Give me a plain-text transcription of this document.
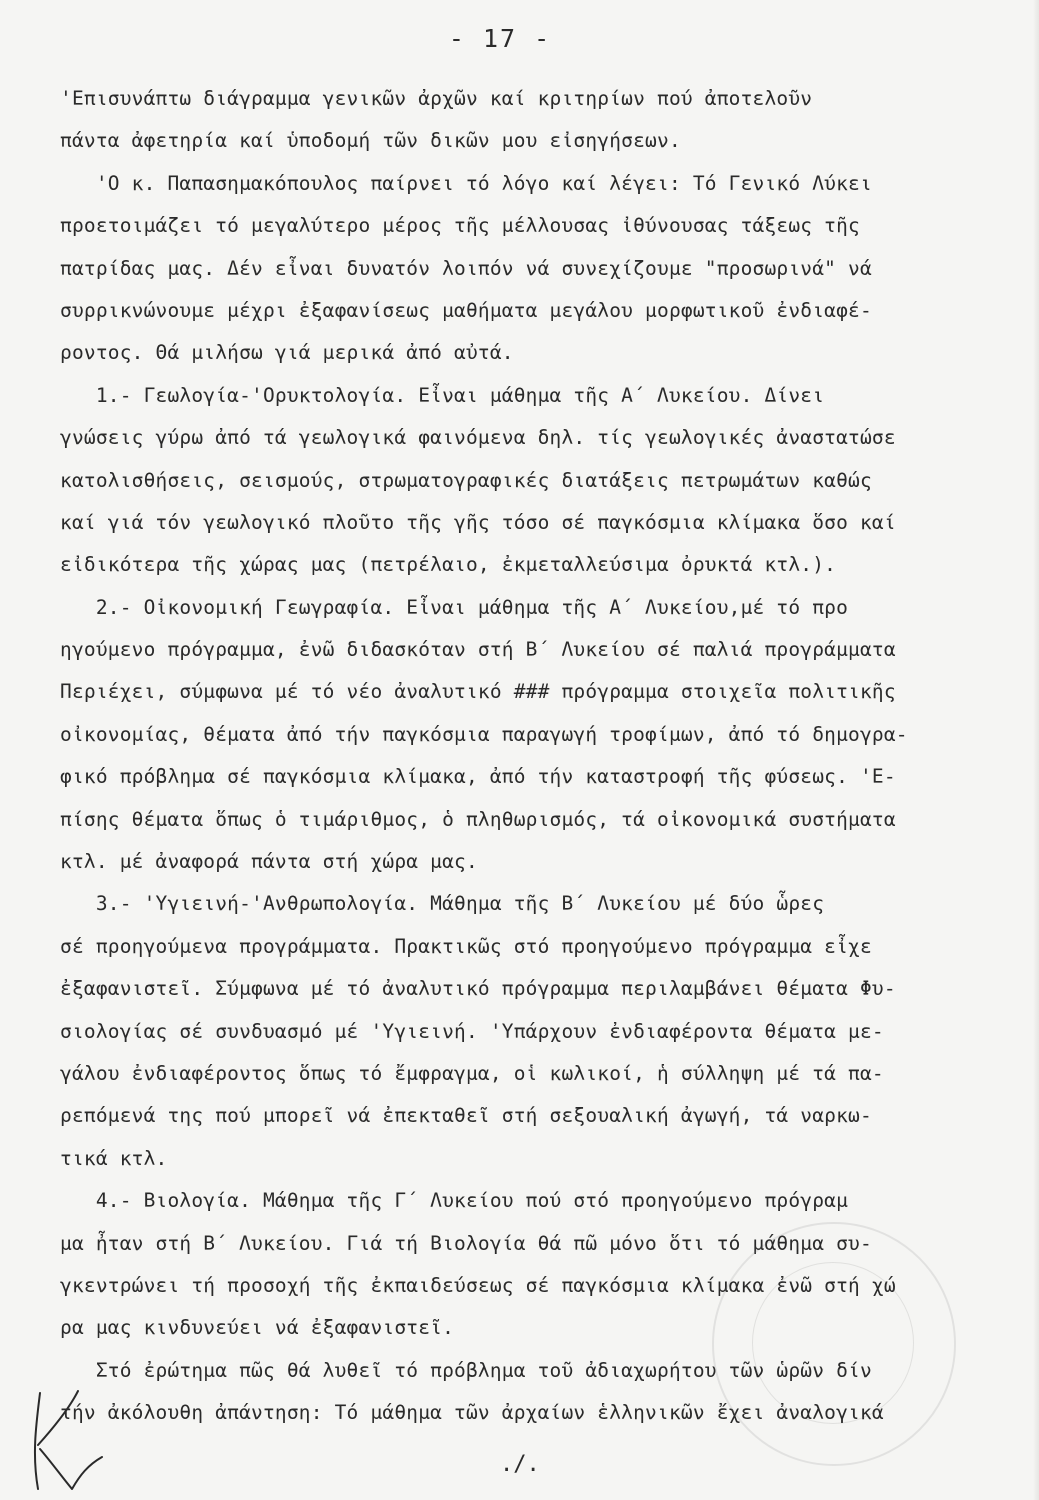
- 17 -
'Επισυνάπτω διάγραμμα γενικῶν ἀρχῶν καί κριτηρίων πού ἀποτελοῦν
πάντα ἀφετηρία καί ὑποδομή τῶν δικῶν μου εἰσηγήσεων.
'Ο κ. Παπασημακόπουλος παίρνει τό λόγο καί λέγει: Τό Γενικό Λύκει
προετοιμάζει τό μεγαλύτερο μέρος τῆς μέλλουσας ἰθύνουσας τάξεως τῆς
πατρίδας μας. Δέν εἶναι δυνατόν λοιπόν νά συνεχίζουμε "προσωρινά" νά
συρρικνώνουμε μέχρι ἐξαφανίσεως μαθήματα μεγάλου μορφωτικοῦ ἐνδιαφέ-
ροντος. Θά μιλήσω γιά μερικά ἀπό αὐτά.
1.- Γεωλογία-'Ορυκτολογία. Εἶναι μάθημα τῆς Α΄ Λυκείου. Δίνει
γνώσεις γύρω ἀπό τά γεωλογικά φαινόμενα δηλ. τίς γεωλογικές ἀναστατώσε
κατολισθήσεις, σεισμούς, στρωματογραφικές διατάξεις πετρωμάτων καθώς
καί γιά τόν γεωλογικό πλοῦτο τῆς γῆς τόσο σέ παγκόσμια κλίμακα ὅσο καί
εἰδικότερα τῆς χώρας μας (πετρέλαιο, ἐκμεταλλεύσιμα ὀρυκτά κτλ.).
2.- Οἰκονομική Γεωγραφία. Εἶναι μάθημα τῆς Α΄ Λυκείου,μέ τό προ
ηγούμενο πρόγραμμα, ἐνῶ διδασκόταν στή Β΄ Λυκείου σέ παλιά προγράμματα
Περιέχει, σύμφωνα μέ τό νέο ἀναλυτικό ### πρόγραμμα στοιχεῖα πολιτικῆς
οἰκονομίας, θέματα ἀπό τήν παγκόσμια παραγωγή τροφίμων, ἀπό τό δημογρα-
φικό πρόβλημα σέ παγκόσμια κλίμακα, ἀπό τήν καταστροφή τῆς φύσεως. 'Ε-
πίσης θέματα ὅπως ὁ τιμάριθμος, ὁ πληθωρισμός, τά οἰκονομικά συστήματα
κτλ. μέ ἀναφορά πάντα στή χώρα μας.
3.- 'Υγιεινή-'Ανθρωπολογία. Μάθημα τῆς Β΄ Λυκείου μέ δύο ὧρες
σέ προηγούμενα προγράμματα. Πρακτικῶς στό προηγούμενο πρόγραμμα εἶχε
ἐξαφανιστεῖ. Σύμφωνα μέ τό ἀναλυτικό πρόγραμμα περιλαμβάνει θέματα Φυ-
σιολογίας σέ συνδυασμό μέ 'Υγιεινή. 'Υπάρχουν ἐνδιαφέροντα θέματα με-
γάλου ἐνδιαφέροντος ὅπως τό ἔμφραγμα, οἱ κωλικοί, ἡ σύλληψη μέ τά πα-
ρεπόμενά της πού μπορεῖ νά ἐπεκταθεῖ στή σεξουαλική ἀγωγή, τά ναρκω-
τικά κτλ.
4.- Βιολογία. Μάθημα τῆς Γ΄ Λυκείου πού στό προηγούμενο πρόγραμ
μα ἦταν στή Β΄ Λυκείου. Γιά τή Βιολογία θά πῶ μόνο ὅτι τό μάθημα συ-
γκεντρώνει τή προσοχή τῆς ἐκπαιδεύσεως σέ παγκόσμια κλίμακα ἐνῶ στή χώ
ρα μας κινδυνεύει νά ἐξαφανιστεῖ.
Στό ἐρώτημα πῶς θά λυθεῖ τό πρόβλημα τοῦ ἀδιαχωρήτου τῶν ὡρῶν δίν
τήν ἀκόλουθη ἀπάντηση: Τό μάθημα τῶν ἀρχαίων ἑλληνικῶν ἔχει ἀναλογικά
./.
